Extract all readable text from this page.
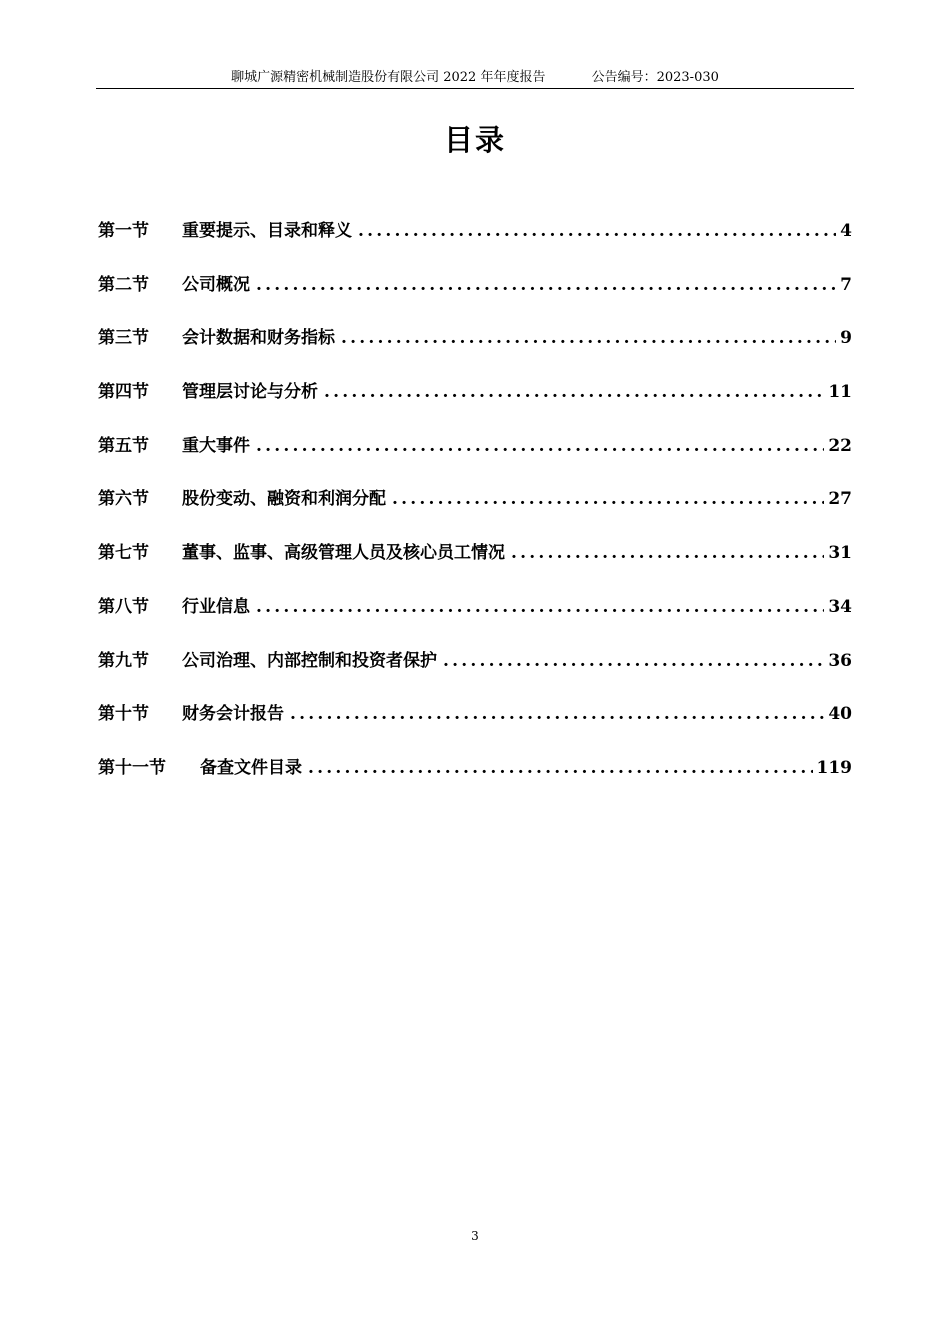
聊城广源精密机械制造股份有限公司 2022 年年度报告	公告编号：2023-030
目录
第一节	重要提示、目录和释义 .....	4
第二节	公司概况 .....	7
第三节	会计数据和财务指标 .....	9
第四节	管理层讨论与分析 .....	11
第五节	重大事件 .....	22
第六节	股份变动、融资和利润分配 .....	27
第七节	董事、监事、高级管理人员及核心员工情况 .....	31
第八节	行业信息 .....	34
第九节	公司治理、内部控制和投资者保护 .....	36
第十节	财务会计报告 .....	40
第十一节	备查文件目录 .....	119
3
